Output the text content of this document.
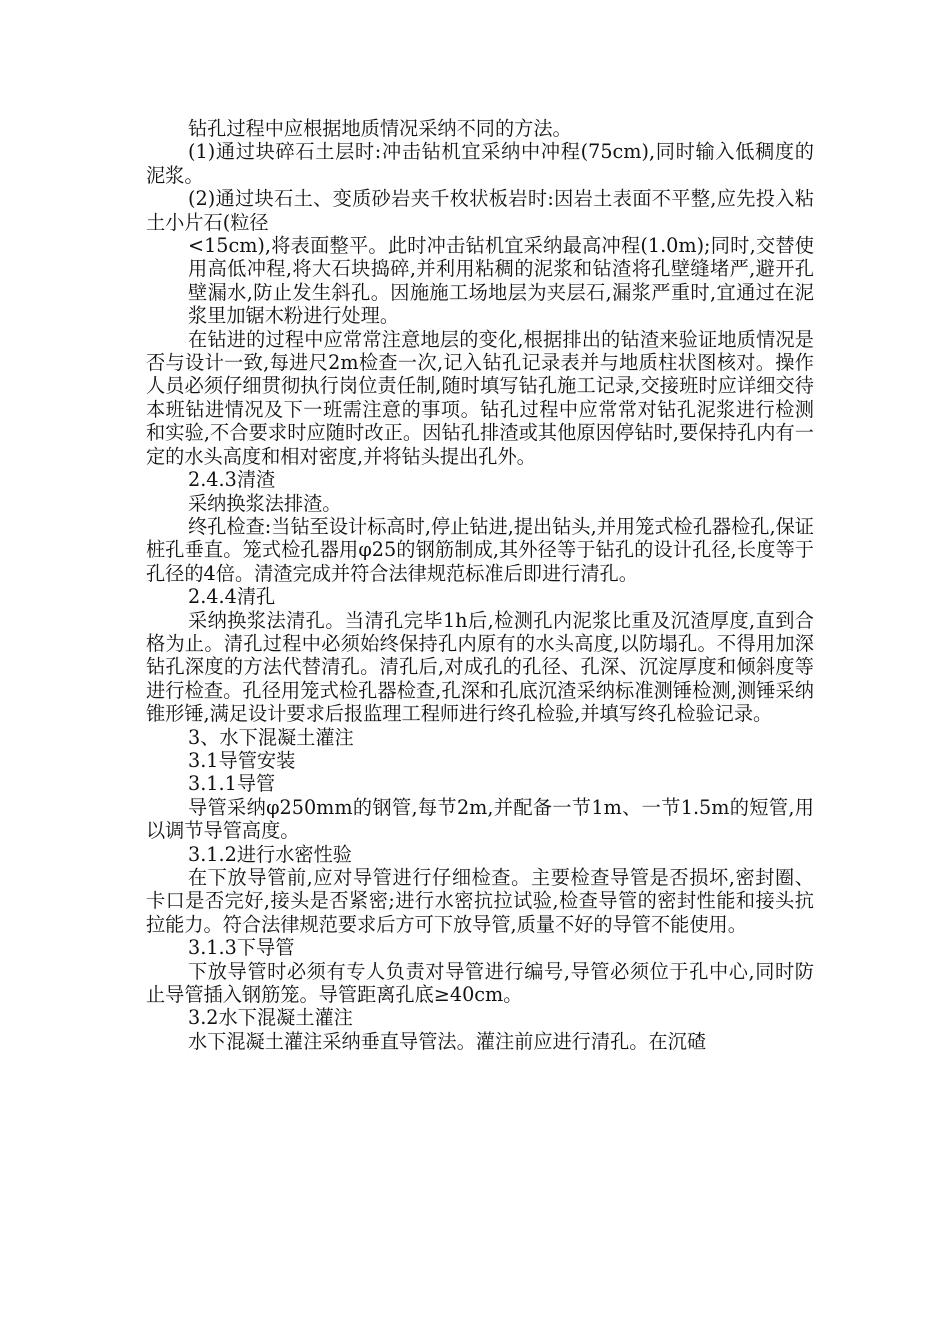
钻孔过程中应根据地质情况采纳不同的方法。

(1)通过块碎石土层时:冲击钻机宜采纳中冲程(75cm),同时输入低稠度的泥浆。

(2)通过块石土、变质砂岩夹千枚状板岩时:因岩土表面不平整,应先投入粘土小片石(粒径

<15cm),将表面整平。此时冲击钻机宜采纳最高冲程(1.0m);同时,交替使用高低冲程,将大石块捣碎,并利用粘稠的泥浆和钻渣将孔壁缝堵严,避开孔壁漏水,防止发生斜孔。因施施工场地层为夹层石,漏浆严重时,宜通过在泥浆里加锯木粉进行处理。

在钻进的过程中应常常注意地层的变化,根据排出的钻渣来验证地质情况是否与设计一致,每进尺2m检查一次,记入钻孔记录表并与地质柱状图核对。操作人员必须仔细贯彻执行岗位责任制,随时填写钻孔施工记录,交接班时应详细交待本班钻进情况及下一班需注意的事项。钻孔过程中应常常对钻孔泥浆进行检测和实验,不合要求时应随时改正。因钻孔排渣或其他原因停钻时,要保持孔内有一定的水头高度和相对密度,并将钻头提出孔外。

2.4.3清渣

采纳换浆法排渣。

终孔检查:当钻至设计标高时,停止钻进,提出钻头,并用笼式检孔器检孔,保证桩孔垂直。笼式检孔器用φ25的钢筋制成,其外径等于钻孔的设计孔径,长度等于孔径的4倍。清渣完成并符合法律规范标准后即进行清孔。

2.4.4清孔

采纳换浆法清孔。当清孔完毕1h后,检测孔内泥浆比重及沉渣厚度,直到合格为止。清孔过程中必须始终保持孔内原有的水头高度,以防塌孔。不得用加深钻孔深度的方法代替清孔。清孔后,对成孔的孔径、孔深、沉淀厚度和倾斜度等进行检查。孔径用笼式检孔器检查,孔深和孔底沉渣采纳标准测锤检测,测锤采纳锥形锤,满足设计要求后报监理工程师进行终孔检验,并填写终孔检验记录。

3、水下混凝土灌注

3.1导管安装

3.1.1导管

导管采纳φ250mm的钢管,每节2m,并配备一节1m、一节1.5m的短管,用以调节导管高度。

3.1.2进行水密性验

在下放导管前,应对导管进行仔细检查。主要检查导管是否损坏,密封圈、卡口是否完好,接头是否紧密;进行水密抗拉试验,检查导管的密封性能和接头抗拉能力。符合法律规范要求后方可下放导管,质量不好的导管不能使用。

3.1.3下导管

下放导管时必须有专人负责对导管进行编号,导管必须位于孔中心,同时防止导管插入钢筋笼。导管距离孔底≥40cm。

3.2水下混凝土灌注

水下混凝土灌注采纳垂直导管法。灌注前应进行清孔。在沉碴
